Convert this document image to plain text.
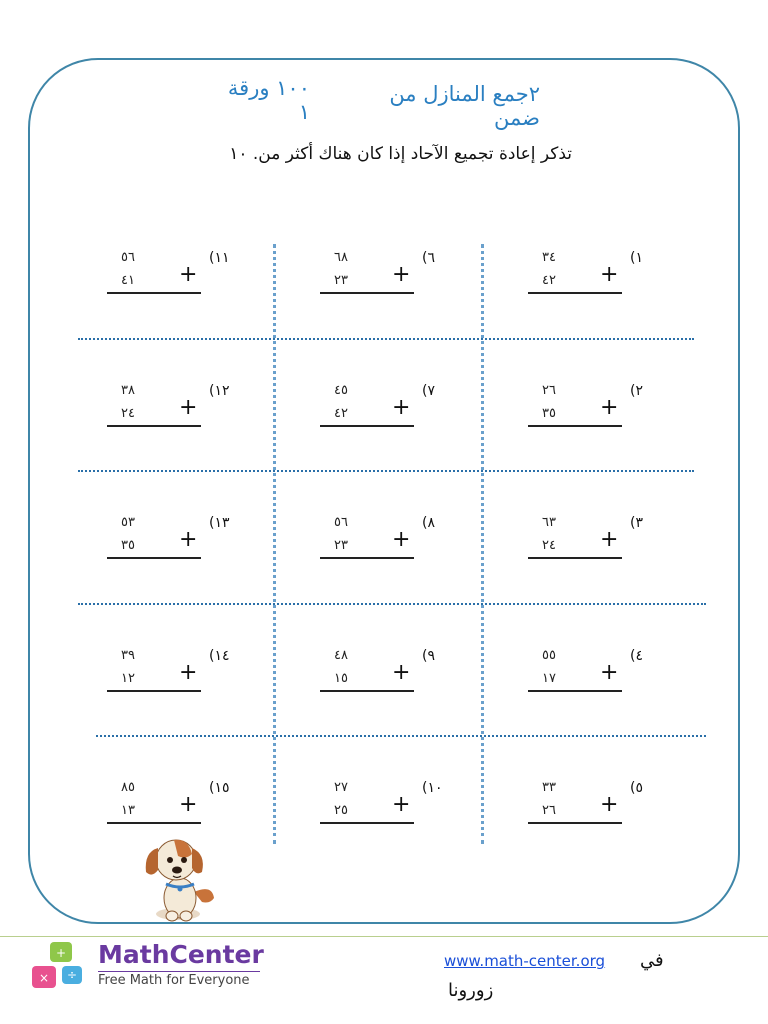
٢جمع المنازل من ضمن
١٠٠ ورقة ١
تذكر إعادة تجميع الآحاد إذا كان هناك أكثر من. ١٠
٣٤
٤٢ +
(١
٢٦
٣٥ +
(٢
٦٣
٢٤ +
(٣
٥٥
١٧ +
(٤
٣٣
٢٦ +
(٥
٦٨
٢٣ +
(٦
٤٥
٤٢ +
(٧
٥٦
٢٣ +
(٨
٤٨
١٥ +
(٩
٢٧
٢٥ +
(١٠
٥٦
٤١ +
(١١
٣٨
٢٤ +
(١٢
٥٣
٣٥ +
(١٣
٣٩
١٢ +
(١٤
٨٥
١٣ +
(١٥
+
× ÷
MathCenter
Free Math for Everyone
في
www.math-center.org
زورونا
